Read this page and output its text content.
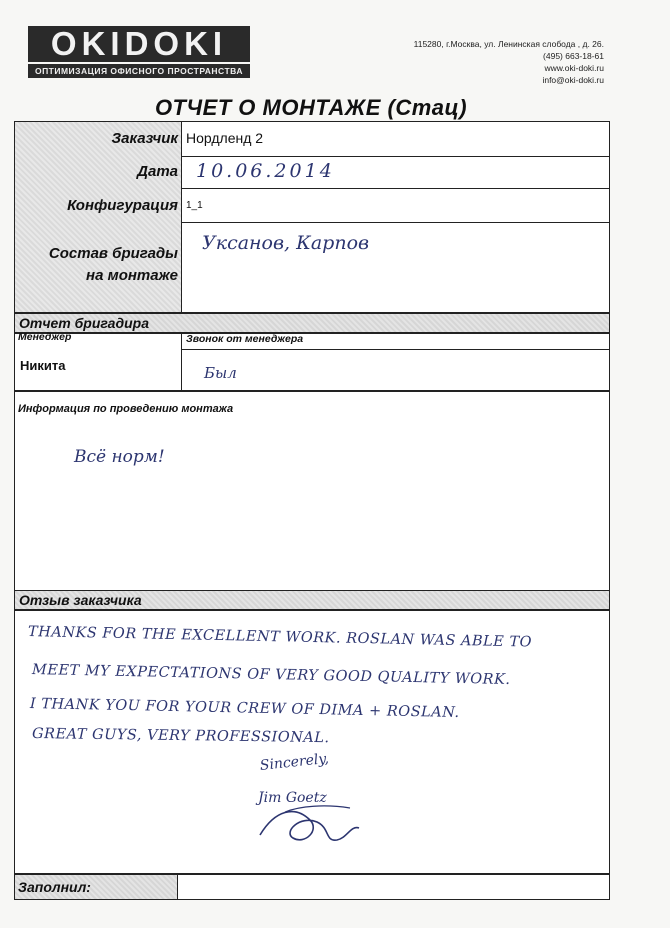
OKIDOKI
ОПТИМИЗАЦИЯ ОФИСНОГО ПРОСТРАНСТВА
115280, г.Москва, ул. Ленинская слобода , д. 26.
(495) 663-18-61
www.oki-doki.ru
info@oki-doki.ru
ОТЧЕТ О МОНТАЖЕ (Стац)
Заказчик Нордленд 2
Дата 10.06.2014
Конфигурация 1_1
Состав бригады
на монтаже
Уксанов, Карпов
Отчет бригадира
Менеджер	Звонок от менеджера
Никита	Был
Информация по проведению монтажа
Всё норм!
Отзыв заказчика
THANKS FOR THE EXCELLENT WORK. ROSLAN WAS ABLE TO
MEET MY EXPECTATIONS OF VERY GOOD QUALITY WORK.
I THANK YOU FOR YOUR CREW OF DIMA + ROSLAN.
GREAT GUYS, VERY PROFESSIONAL.
Sincerely,
Jim Goetz
Заполнил:
